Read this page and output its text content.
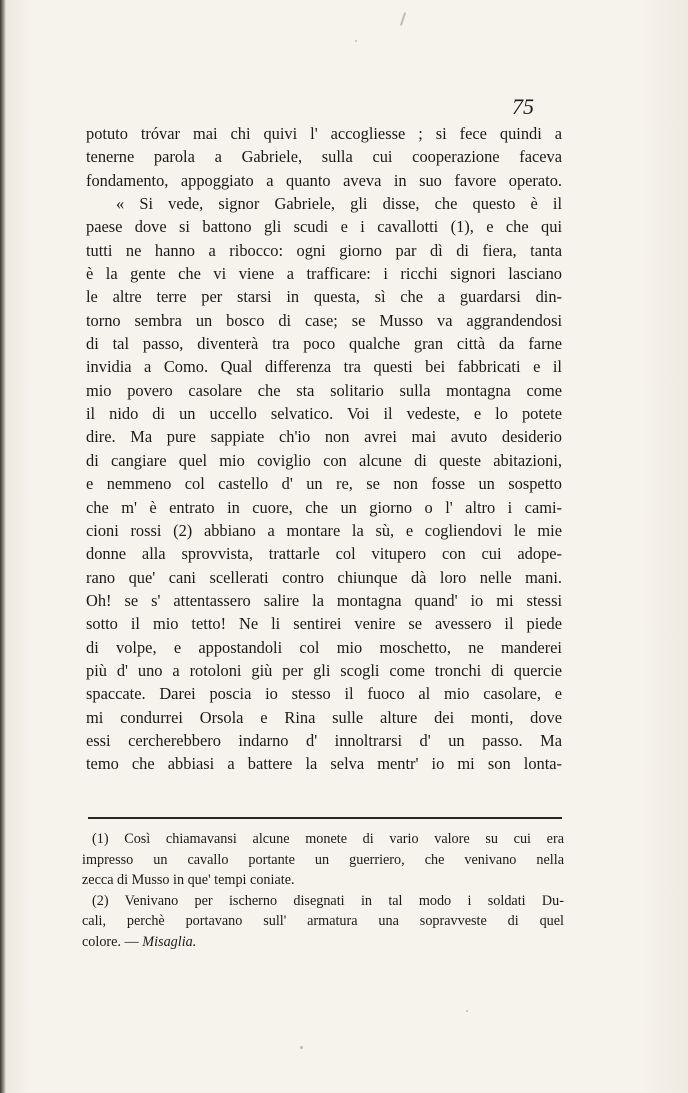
75
potuto tróvar mai chi quivi l' accogliesse ; si fece quindi a
tenerne parola a Gabriele, sulla cui cooperazione faceva
fondamento, appoggiato a quanto aveva in suo favore operato.
« Si vede, signor Gabriele, gli disse, che questo è il
paese dove si battono gli scudi e i cavallotti (1), e che qui
tutti ne hanno a ribocco: ogni giorno par dì di fiera, tanta
è la gente che vi viene a trafficare: i ricchi signori lasciano
le altre terre per starsi in questa, sì che a guardarsi din-
torno sembra un bosco di case; se Musso va aggrandendosi
di tal passo, diventerà tra poco qualche gran città da farne
invidia a Como. Qual differenza tra questi bei fabbricati e il
mio povero casolare che sta solitario sulla montagna come
il nido di un uccello selvatico. Voi il vedeste, e lo potete
dire. Ma pure sappiate ch'io non avrei mai avuto desiderio
di cangiare quel mio coviglio con alcune di queste abitazioni,
e nemmeno col castello d' un re, se non fosse un sospetto
che m' è entrato in cuore, che un giorno o l' altro i cami-
cioni rossi (2) abbiano a montare la sù, e cogliendovi le mie
donne alla sprovvista, trattarle col vitupero con cui adope-
rano que' cani scellerati contro chiunque dà loro nelle mani.
Oh! se s' attentassero salire la montagna quand' io mi stessi
sotto il mio tetto! Ne li sentirei venire se avessero il piede
di volpe, e appostandoli col mio moschetto, ne manderei
più d' uno a rotoloni giù per gli scogli come tronchi di quercie
spaccate. Darei poscia io stesso il fuoco al mio casolare, e
mi condurrei Orsola e Rina sulle alture dei monti, dove
essi cercherebbero indarno d' innoltrarsi d' un passo. Ma
temo che abbiasi a battere la selva mentr' io mi son lonta-
(1) Così chiamavansi alcune monete di vario valore su cui era
impresso un cavallo portante un guerriero, che venivano nella
zecca di Musso in que' tempi coniate.
(2) Venivano per ischerno disegnati in tal modo i soldati Du-
cali, perchè portavano sull' armatura una sopravveste di quel
colore. — Misaglia.
